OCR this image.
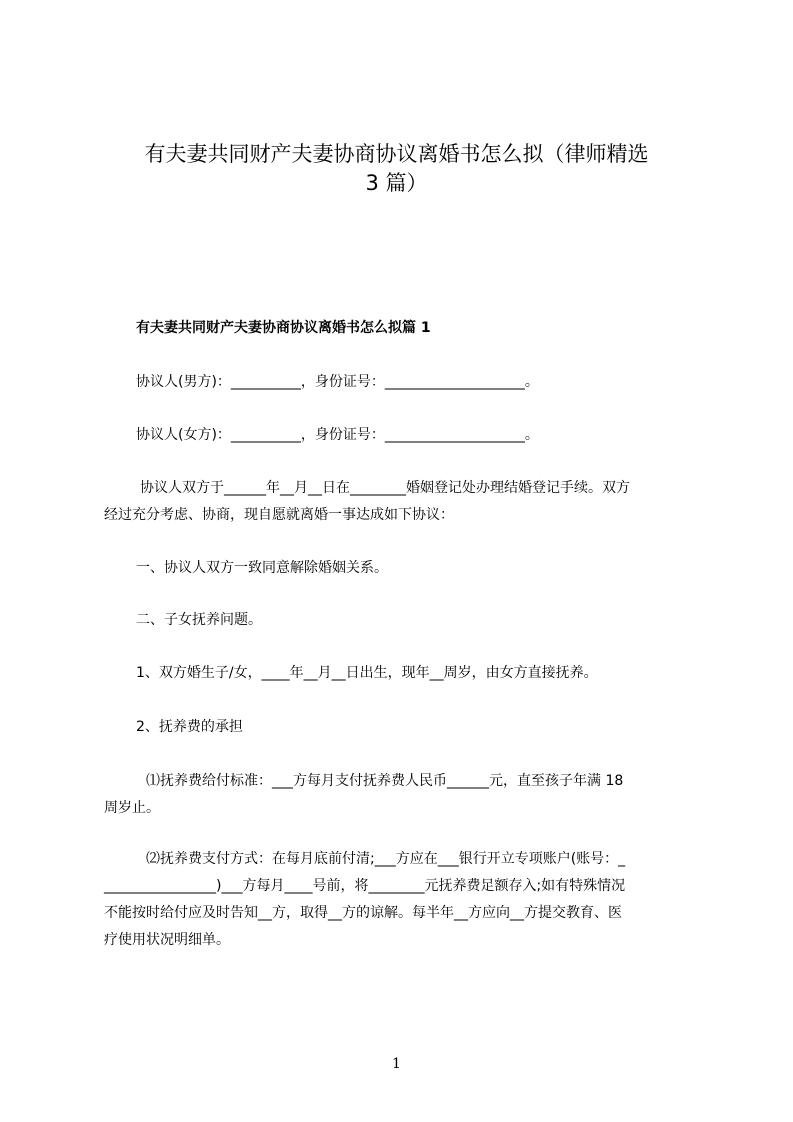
有夫妻共同财产夫妻协商协议离婚书怎么拟（律师精选
3 篇）
有夫妻共同财产夫妻协商协议离婚书怎么拟篇 1
协议人(男方)：__________，身份证号：____________________。
协议人(女方)：__________，身份证号：____________________。
协议人双方于______年__月__日在________婚姻登记处办理结婚登记手续。双方
经过充分考虑、协商，现自愿就离婚一事达成如下协议：
一、协议人双方一致同意解除婚姻关系。
二、子女抚养问题。
1、双方婚生子/女，____年__月__日出生，现年__周岁，由女方直接抚养。
2、抚养费的承担
⑴抚养费给付标准：___方每月支付抚养费人民币______元，直至孩子年满 18
周岁止。
⑵抚养费支付方式：在每月底前付清;___方应在___银行开立专项账户(账号：_
________________)___方每月____号前，将________元抚养费足额存入;如有特殊情况
不能按时给付应及时告知__方，取得__方的谅解。每半年__方应向__方提交教育、医
疗使用状况明细单。
1
